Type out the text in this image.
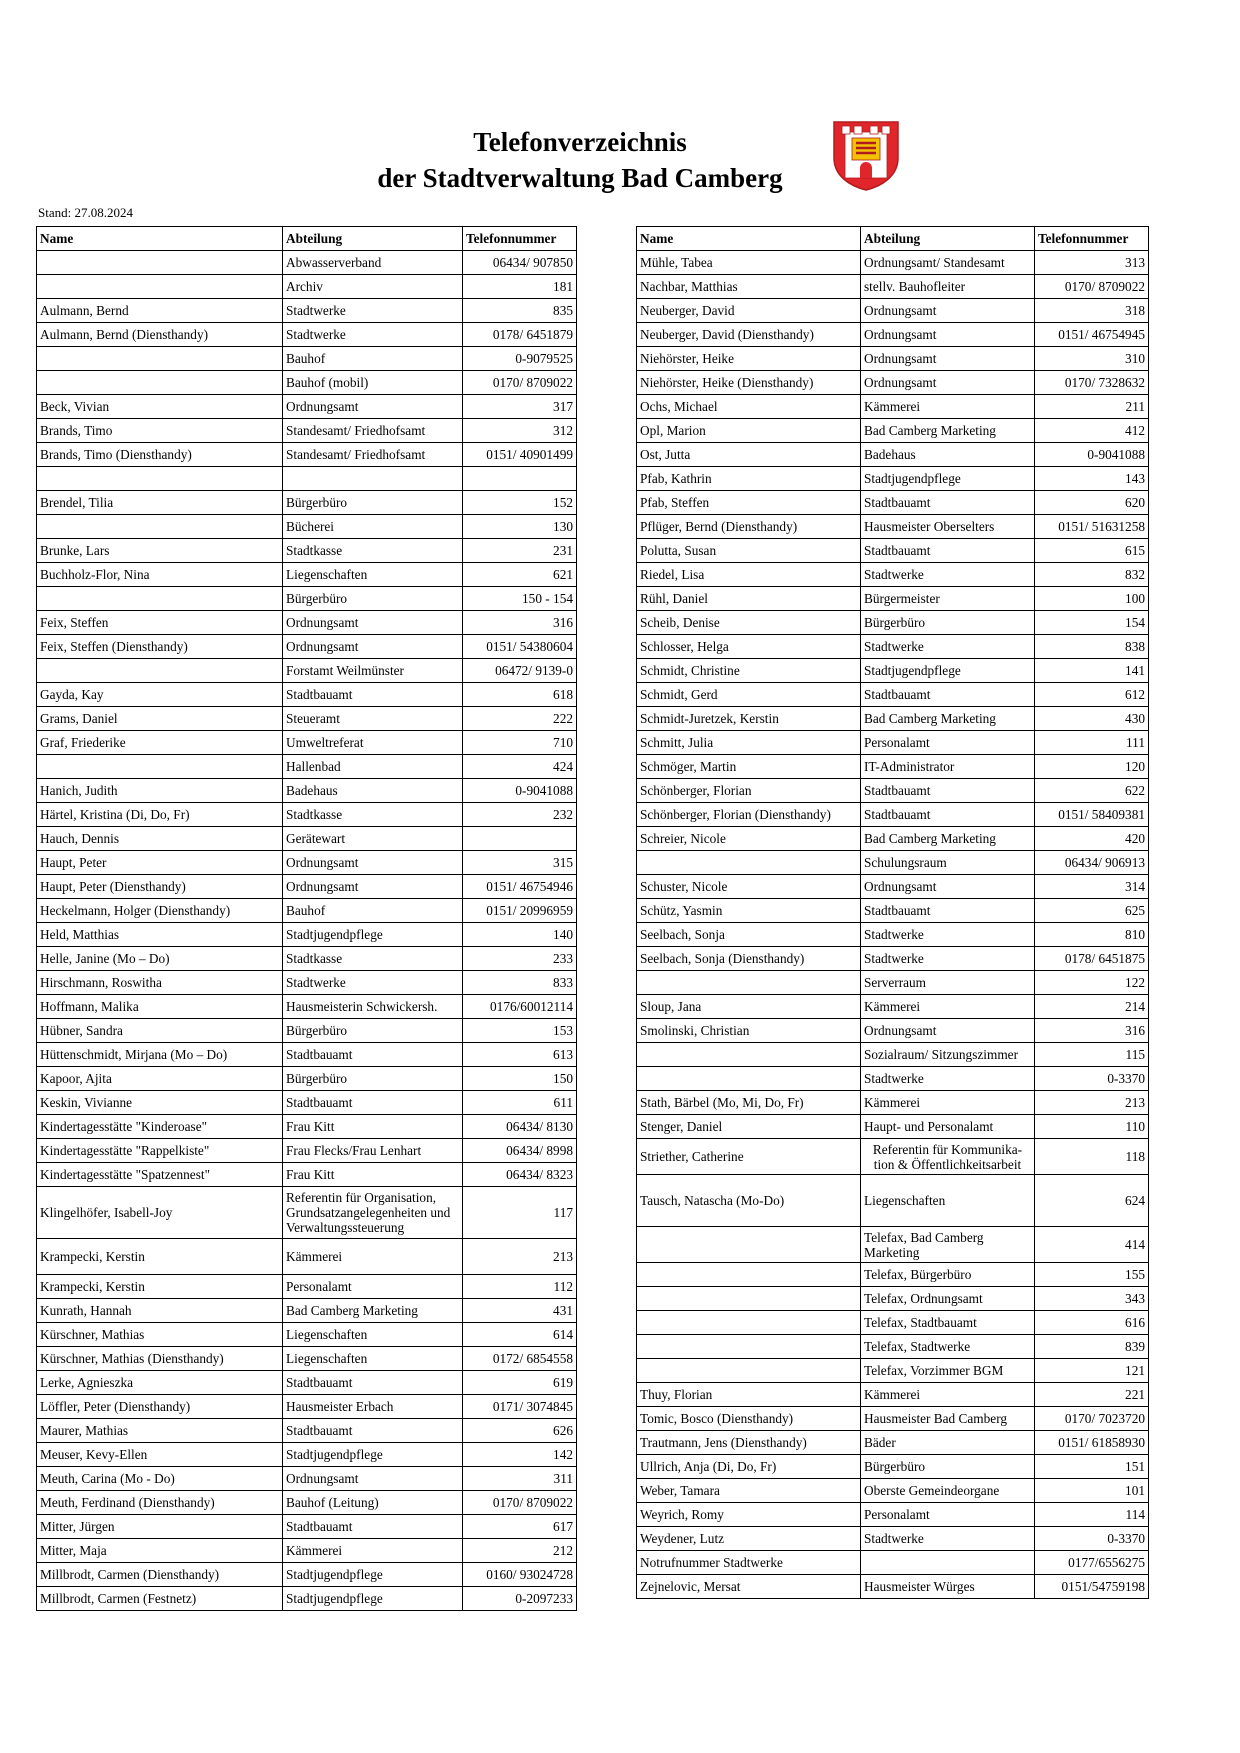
Telefonverzeichnis
der Stadtverwaltung Bad Camberg
Stand: 27.08.2024
Name	Abteilung	Telefonnummer
	Abwasserverband	06434/ 907850
	Archiv	181
Aulmann, Bernd	Stadtwerke	835
Aulmann, Bernd (Diensthandy)	Stadtwerke	0178/ 6451879
	Bauhof	0-9079525
	Bauhof (mobil)	0170/ 8709022
Beck, Vivian	Ordnungsamt	317
Brands, Timo	Standesamt/ Friedhofsamt	312
Brands, Timo (Diensthandy)	Standesamt/ Friedhofsamt	0151/ 40901499

Brendel, Tilia	Bürgerbüro	152
	Bücherei	130
Brunke, Lars	Stadtkasse	231
Buchholz-Flor, Nina	Liegenschaften	621
	Bürgerbüro	150 - 154
Feix, Steffen	Ordnungsamt	316
Feix, Steffen (Diensthandy)	Ordnungsamt	0151/ 54380604
	Forstamt Weilmünster	06472/ 9139-0
Gayda, Kay	Stadtbauamt	618
Grams, Daniel	Steueramt	222
Graf, Friederike	Umweltreferat	710
	Hallenbad	424
Hanich, Judith	Badehaus	0-9041088
Härtel, Kristina (Di, Do, Fr)	Stadtkasse	232
Hauch, Dennis	Gerätewart	
Haupt, Peter	Ordnungsamt	315
Haupt, Peter (Diensthandy)	Ordnungsamt	0151/ 46754946
Heckelmann, Holger (Diensthandy)	Bauhof	0151/ 20996959
Held, Matthias	Stadtjugendpflege	140
Helle, Janine (Mo – Do)	Stadtkasse	233
Hirschmann, Roswitha	Stadtwerke	833
Hoffmann, Malika	Hausmeisterin Schwickersh.	0176/60012114
Hübner, Sandra	Bürgerbüro	153
Hüttenschmidt, Mirjana (Mo – Do)	Stadtbauamt	613
Kapoor, Ajita	Bürgerbüro	150
Keskin, Vivianne	Stadtbauamt	611
Kindertagesstätte "Kinderoase"	Frau Kitt	06434/ 8130
Kindertagesstätte "Rappelkiste"	Frau Flecks/Frau Lenhart	06434/ 8998
Kindertagesstätte "Spatzennest"	Frau Kitt	06434/ 8323
Klingelhöfer, Isabell-Joy	Referentin für Organisation, Grundsatzangelegenheiten und Verwaltungssteuerung	117
Krampecki, Kerstin	Kämmerei	213
Krampecki, Kerstin	Personalamt	112
Kunrath, Hannah	Bad Camberg Marketing	431
Kürschner, Mathias	Liegenschaften	614
Kürschner, Mathias (Diensthandy)	Liegenschaften	0172/ 6854558
Lerke, Agnieszka	Stadtbauamt	619
Löffler, Peter (Diensthandy)	Hausmeister Erbach	0171/ 3074845
Maurer, Mathias	Stadtbauamt	626
Meuser, Kevy-Ellen	Stadtjugendpflege	142
Meuth, Carina (Mo - Do)	Ordnungsamt	311
Meuth, Ferdinand (Diensthandy)	Bauhof (Leitung)	0170/ 8709022
Mitter, Jürgen	Stadtbauamt	617
Mitter, Maja	Kämmerei	212
Millbrodt, Carmen (Diensthandy)	Stadtjugendpflege	0160/ 93024728
Millbrodt, Carmen (Festnetz)	Stadtjugendpflege	0-2097233
Name	Abteilung	Telefonnummer
Mühle, Tabea	Ordnungsamt/ Standesamt	313
Nachbar, Matthias	stellv. Bauhofleiter	0170/ 8709022
Neuberger, David	Ordnungsamt	318
Neuberger, David (Diensthandy)	Ordnungsamt	0151/ 46754945
Niehörster, Heike	Ordnungsamt	310
Niehörster, Heike (Diensthandy)	Ordnungsamt	0170/ 7328632
Ochs, Michael	Kämmerei	211
Opl, Marion	Bad Camberg Marketing	412
Ost, Jutta	Badehaus	0-9041088
Pfab, Kathrin	Stadtjugendpflege	143
Pfab, Steffen	Stadtbauamt	620
Pflüger, Bernd (Diensthandy)	Hausmeister Oberselters	0151/ 51631258
Polutta, Susan	Stadtbauamt	615
Riedel, Lisa	Stadtwerke	832
Rühl, Daniel	Bürgermeister	100
Scheib, Denise	Bürgerbüro	154
Schlosser, Helga	Stadtwerke	838
Schmidt, Christine	Stadtjugendpflege	141
Schmidt, Gerd	Stadtbauamt	612
Schmidt-Juretzek, Kerstin	Bad Camberg Marketing	430
Schmitt, Julia	Personalamt	111
Schmöger, Martin	IT-Administrator	120
Schönberger, Florian	Stadtbauamt	622
Schönberger, Florian (Diensthandy)	Stadtbauamt	0151/ 58409381
Schreier, Nicole	Bad Camberg Marketing	420
	Schulungsraum	06434/ 906913
Schuster, Nicole	Ordnungsamt	314
Schütz, Yasmin	Stadtbauamt	625
Seelbach, Sonja	Stadtwerke	810
Seelbach, Sonja (Diensthandy)	Stadtwerke	0178/ 6451875
	Serverraum	122
Sloup, Jana	Kämmerei	214
Smolinski, Christian	Ordnungsamt	316
	Sozialraum/ Sitzungszimmer	115
	Stadtwerke	0-3370
Stath, Bärbel (Mo, Mi, Do, Fr)	Kämmerei	213
Stenger, Daniel	Haupt- und Personalamt	110
Striether, Catherine	Referentin für Kommunika-tion & Öffentlichkeitsarbeit	118
Tausch, Natascha (Mo-Do)	Liegenschaften	624
	Telefax, Bad Camberg Marketing	414
	Telefax, Bürgerbüro	155
	Telefax, Ordnungsamt	343
	Telefax, Stadtbauamt	616
	Telefax, Stadtwerke	839
	Telefax, Vorzimmer BGM	121
Thuy, Florian	Kämmerei	221
Tomic, Bosco (Diensthandy)	Hausmeister Bad Camberg	0170/ 7023720
Trautmann, Jens (Diensthandy)	Bäder	0151/ 61858930
Ullrich, Anja (Di, Do, Fr)	Bürgerbüro	151
Weber, Tamara	Oberste Gemeindeorgane	101
Weyrich, Romy	Personalamt	114
Weydener, Lutz	Stadtwerke	0-3370
Notrufnummer Stadtwerke		0177/6556275
Zejnelovic, Mersat	Hausmeister Würges	0151/54759198
